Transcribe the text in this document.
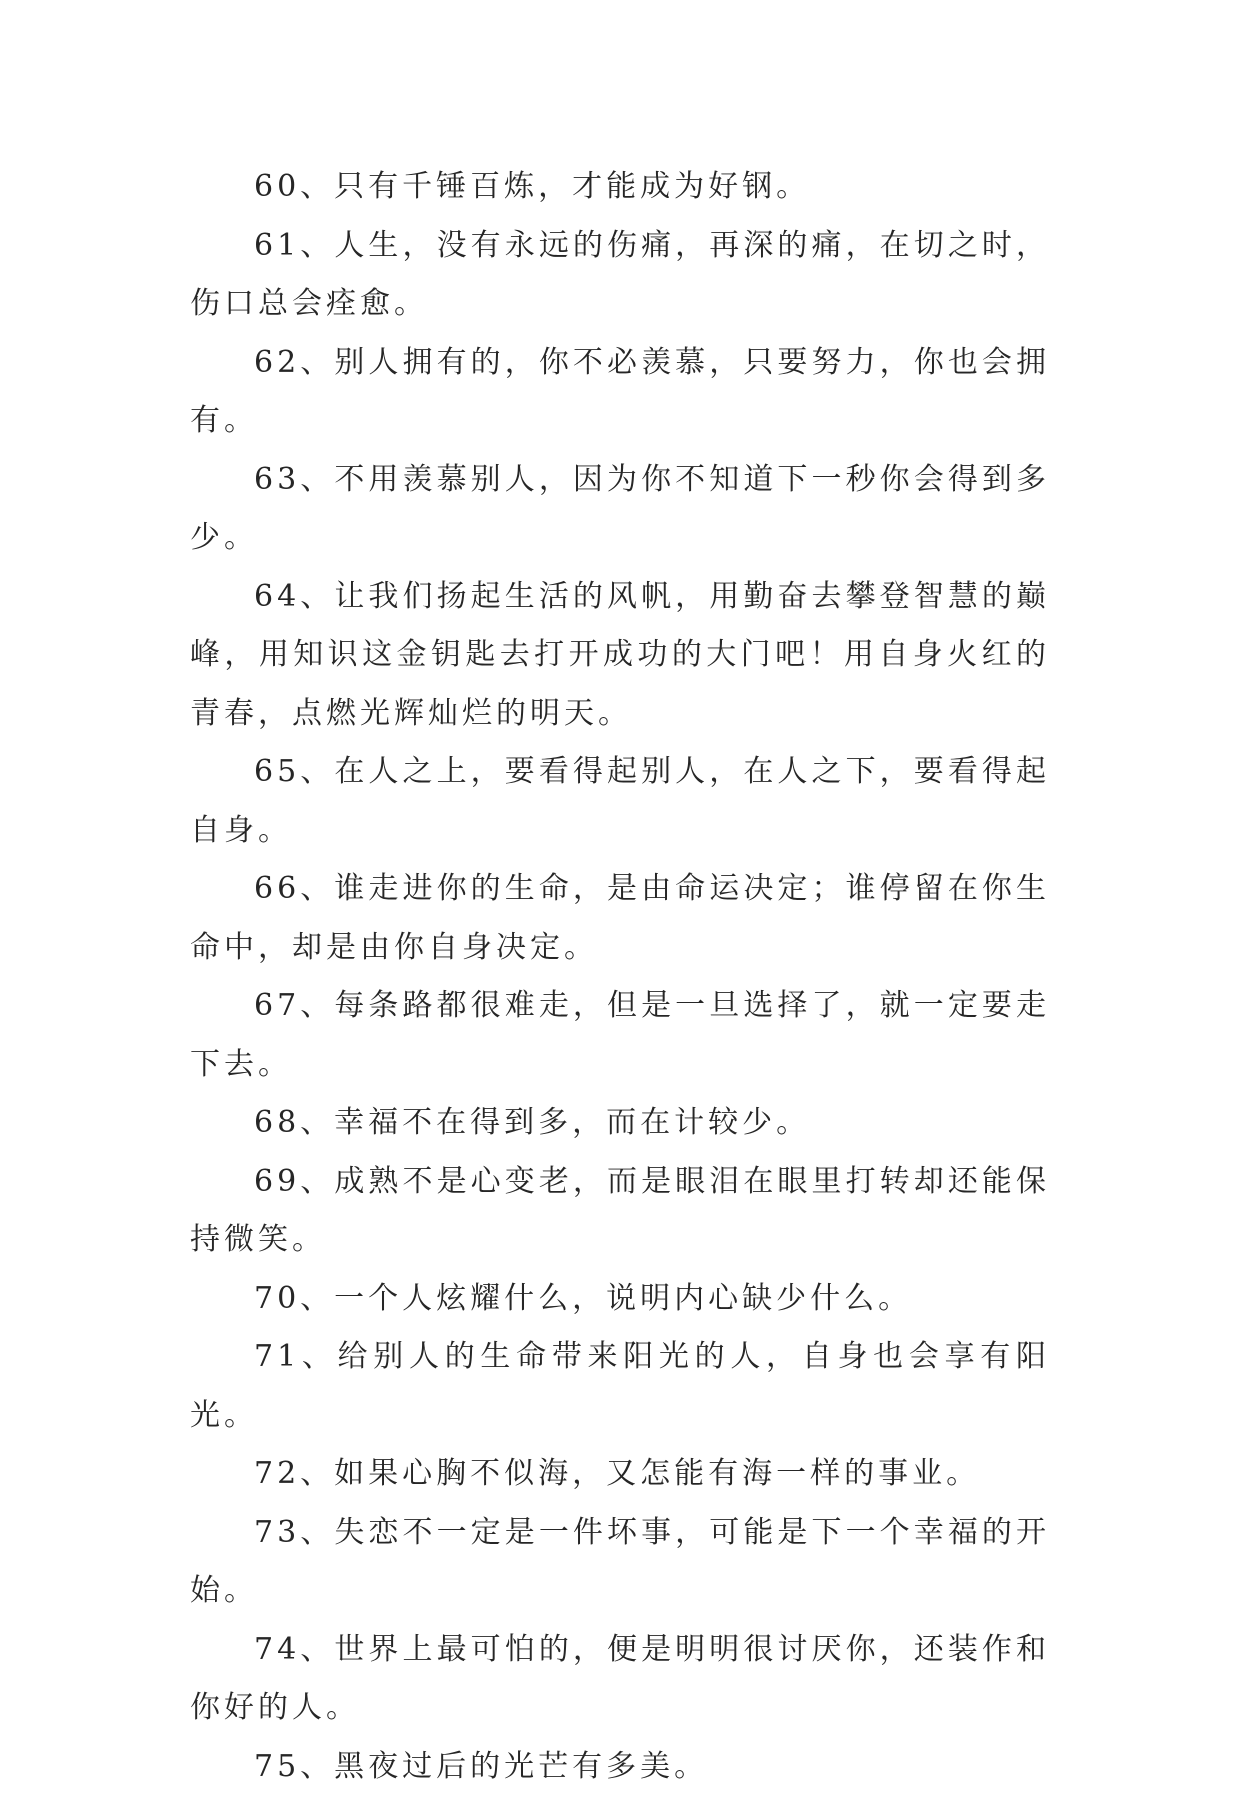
60、只有千锤百炼，才能成为好钢。

61、人生，没有永远的伤痛，再深的痛，在切之时，伤口总会痊愈。

62、别人拥有的，你不必羡慕，只要努力，你也会拥有。

63、不用羡慕别人，因为你不知道下一秒你会得到多少。

64、让我们扬起生活的风帆，用勤奋去攀登智慧的巅峰，用知识这金钥匙去打开成功的大门吧！用自身火红的青春，点燃光辉灿烂的明天。

65、在人之上，要看得起别人，在人之下，要看得起自身。

66、谁走进你的生命，是由命运决定；谁停留在你生命中，却是由你自身决定。

67、每条路都很难走，但是一旦选择了，就一定要走下去。

68、幸福不在得到多，而在计较少。

69、成熟不是心变老，而是眼泪在眼里打转却还能保持微笑。

70、一个人炫耀什么，说明内心缺少什么。

71、给别人的生命带来阳光的人，自身也会享有阳光。

72、如果心胸不似海，又怎能有海一样的事业。

73、失恋不一定是一件坏事，可能是下一个幸福的开始。

74、世界上最可怕的，便是明明很讨厌你，还装作和你好的人。

75、黑夜过后的光芒有多美。
